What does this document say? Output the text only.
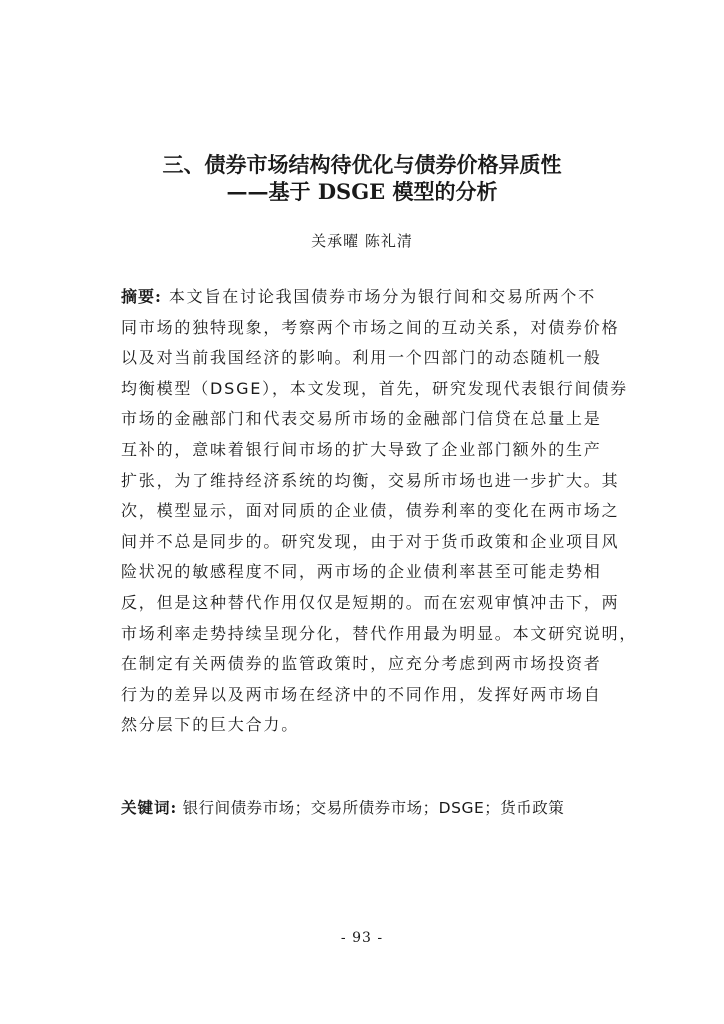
三、债券市场结构待优化与债券价格异质性
——基于 DSGE 模型的分析
关承曜 陈礼清
摘要: 本文旨在讨论我国债券市场分为银行间和交易所两个不
同市场的独特现象，考察两个市场之间的互动关系，对债券价格
以及对当前我国经济的影响。利用一个四部门的动态随机一般
均衡模型（DSGE），本文发现，首先，研究发现代表银行间债券
市场的金融部门和代表交易所市场的金融部门信贷在总量上是
互补的，意味着银行间市场的扩大导致了企业部门额外的生产
扩张，为了维持经济系统的均衡，交易所市场也进一步扩大。其
次，模型显示，面对同质的企业债，债券利率的变化在两市场之
间并不总是同步的。研究发现，由于对于货币政策和企业项目风
险状况的敏感程度不同，两市场的企业债利率甚至可能走势相
反，但是这种替代作用仅仅是短期的。而在宏观审慎冲击下，两
市场利率走势持续呈现分化，替代作用最为明显。本文研究说明，
在制定有关两债券的监管政策时，应充分考虑到两市场投资者
行为的差异以及两市场在经济中的不同作用，发挥好两市场自
然分层下的巨大合力。
关键词: 银行间债券市场；交易所债券市场；DSGE；货币政策
- 93 -
